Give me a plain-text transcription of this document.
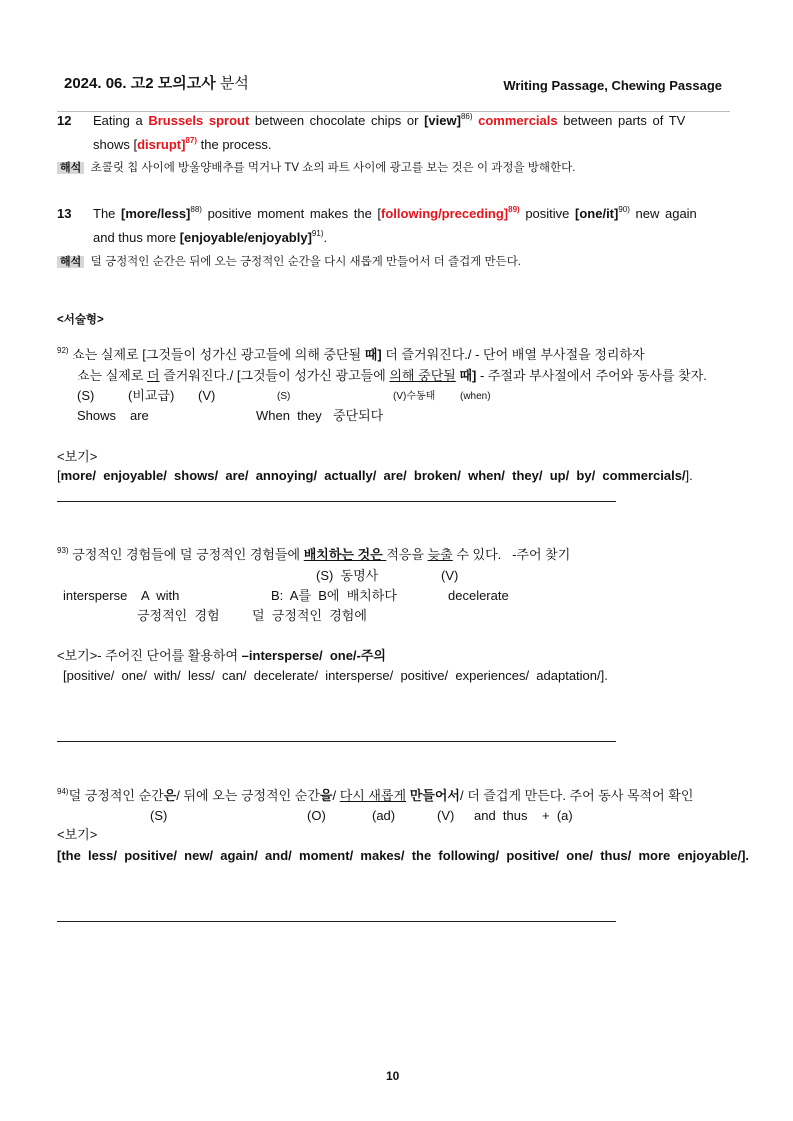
2024. 06. 고2 모의고사 분석	Writing Passage, Chewing Passage
12 Eating a Brussels sprout between chocolate chips or [view]$^{86)}$ commercials between parts of TV
shows [disrupt]$^{87)}$ the process.
해석 초콜릿 칩 사이에 방울양배추를 먹거나 TV 쇼의 파트 사이에 광고를 보는 것은 이 과정을 방해한다.
13 The [more/less]$^{88)}$ positive moment makes the [following/preceding]$^{89)}$ positive $[one/it]^{90)}$ new again
and thus more [enjoyable/enjoyably]$^{91)}$.
해석 덜 긍정적인 순간은 뒤에 오는 긍정적인 순간을 다시 새롭게 만들어서 더 즐겁게 만든다.
<서술형>
$^{92)}$ 쇼는 실제로 [그것들이 성가신 광고들에 의해 중단될 때] 더 즐거워진다./ - 단어 배열 부사절을 정리하자
쇼는 실제로 더 즐거워진다./ [그것들이 성가신 광고들에 의해 중단될 때] - 주절과 부사절에서 주어와 동사를 찾자.
(S)	(비교급) (V)	(S)	(V)수동태 (when)
Shows are	When  they 중단되다
<보기>
[more/  enjoyable/  shows/  are/  annoying/  actually/  are/  broken/  when/  they/  up/  by/  commercials/].
$^{93)}$ 긍정적인 경험들에 덜 긍정적인 경험들에 배치하는 것은 적응을 늦출 수 있다.   -주어 찾기
(S)  동명사	(V)
intersperse    A  with	B:  A를  B에  배치하다	decelerate
긍정적인  경험 덜  긍정적인  경험에
<보기>- 주어진 단어를 활용하여 –intersperse/  one/-주의
[positive/  one/  with/  less/  can/  decelerate/  intersperse/  positive/  experiences/  adaptation/].
$^{94)}$덜 긍정적인 순간은/ 뒤에 오는 긍정적인 순간을/ 다시 새롭게 만들어서/ 더 즐겁게 만든다. 주어 동사 목적어 확인
(S)	(O)	(ad)	(V) and  thus +  (a)
<보기>
[the  less/  positive/  new/  again/  and/  moment/  makes/  the  following/  positive/  one/  thus/  more  enjoyable/].
10
